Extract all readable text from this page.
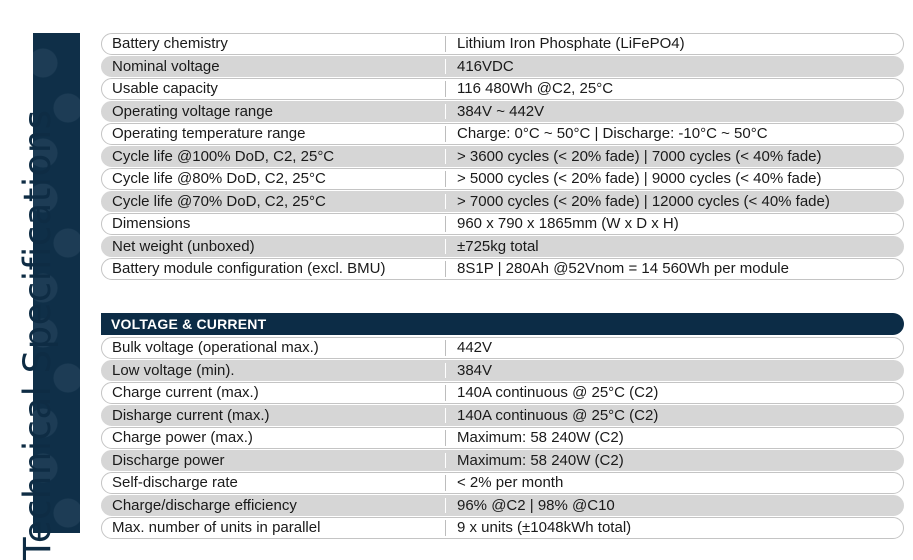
Technical Specifications
Battery chemistry	Lithium Iron Phosphate (LiFePO4)
Nominal voltage	416VDC
Usable capacity	116 480Wh @C2, 25°C
Operating voltage range	384V ~ 442V
Operating temperature range	Charge: 0°C ~ 50°C | Discharge: -10°C ~ 50°C
Cycle life @100% DoD, C2, 25°C	> 3600 cycles (< 20% fade) | 7000 cycles (< 40% fade)
Cycle life @80% DoD, C2, 25°C	> 5000 cycles (< 20% fade) | 9000 cycles (< 40% fade)
Cycle life @70% DoD, C2, 25°C	> 7000 cycles (< 20% fade) | 12000 cycles (< 40% fade)
Dimensions	960 x 790 x 1865mm (W x D x H)
Net weight (unboxed)	±725kg total
Battery module configuration (excl. BMU)	8S1P | 280Ah @52Vnom = 14 560Wh per module
VOLTAGE & CURRENT
Bulk voltage (operational max.)	442V
Low voltage (min).	384V
Charge current (max.)	140A continuous @ 25°C (C2)
Disharge current (max.)	140A continuous @ 25°C (C2)
Charge power (max.)	Maximum: 58 240W (C2)
Discharge power	Maximum: 58 240W (C2)
Self-discharge rate	< 2% per month
Charge/discharge efficiency	96% @C2 | 98% @C10
Max. number of units in parallel	9 x units (±1048kWh total)
